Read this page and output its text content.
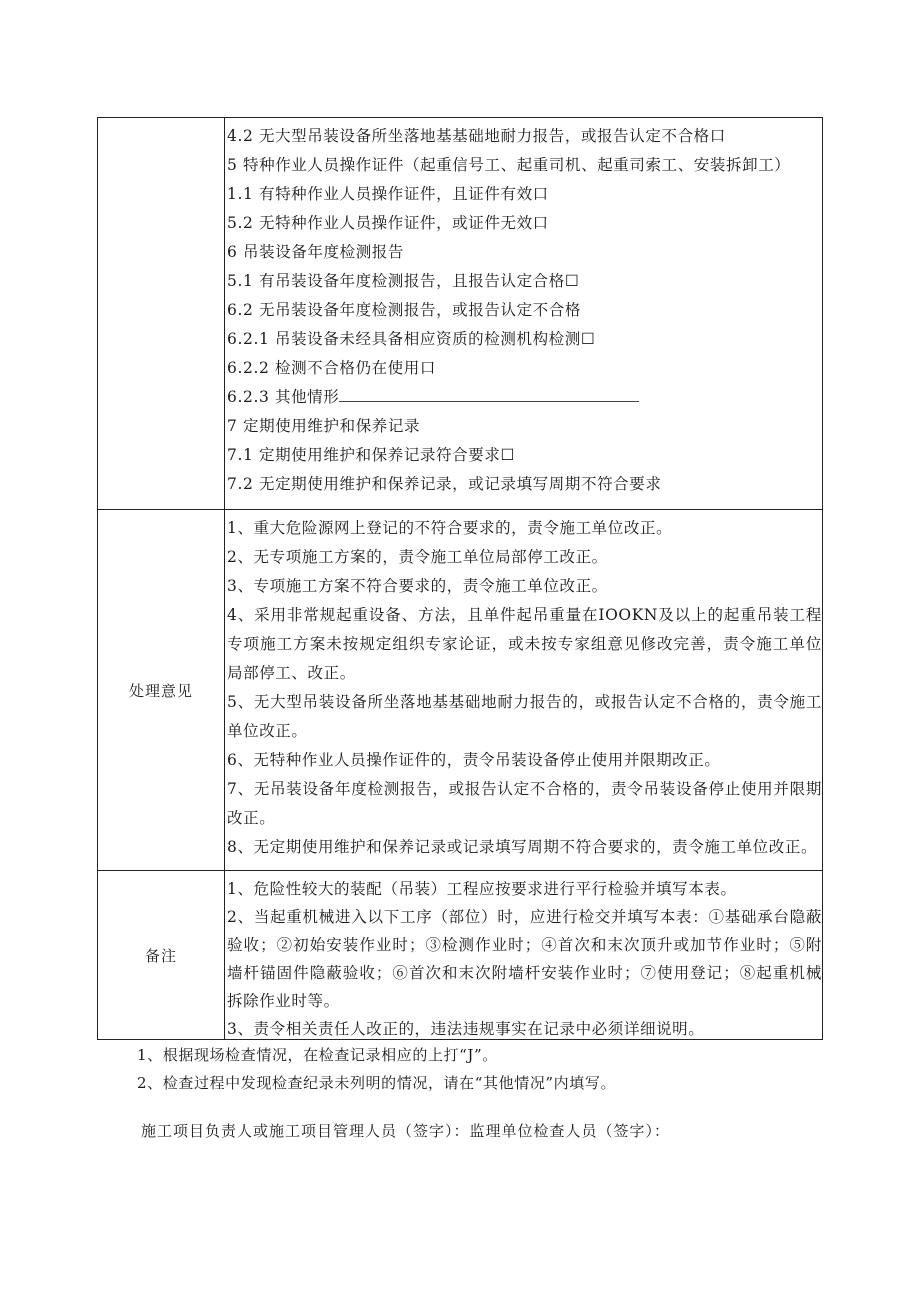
4.2 无大型吊装设备所坐落地基基础地耐力报告，或报告认定不合格口
5 特种作业人员操作证件（起重信号工、起重司机、起重司索工、安装拆卸工）
1.1 有特种作业人员操作证件，且证件有效口
5.2 无特种作业人员操作证件，或证件无效口
6 吊装设备年度检测报告
5.1 有吊装设备年度检测报告，且报告认定合格☐
6.2 无吊装设备年度检测报告，或报告认定不合格
6.2.1 吊装设备未经具备相应资质的检测机构检测☐
6.2.2 检测不合格仍在使用口
6.2.3 其他情形
7 定期使用维护和保养记录
7.1 定期使用维护和保养记录符合要求☐
7.2 无定期使用维护和保养记录，或记录填写周期不符合要求
处理意见
1、重大危险源网上登记的不符合要求的，责令施工单位改正。
2、无专项施工方案的，责令施工单位局部停工改正。
3、专项施工方案不符合要求的，责令施工单位改正。
4、采用非常规起重设备、方法，且单件起吊重量在IOOKN及以上的起重吊装工程专项施工方案未按规定组织专家论证，或未按专家组意见修改完善，责令施工单位局部停工、改正。
5、无大型吊装设备所坐落地基基础地耐力报告的，或报告认定不合格的，责令施工单位改正。
6、无特种作业人员操作证件的，责令吊装设备停止使用并限期改正。
7、无吊装设备年度检测报告，或报告认定不合格的，责令吊装设备停止使用并限期改正。
8、无定期使用维护和保养记录或记录填写周期不符合要求的，责令施工单位改正。
备注
1、危险性较大的装配（吊装）工程应按要求进行平行检验并填写本表。
2、当起重机械进入以下工序（部位）时，应进行检交并填写本表：①基础承台隐蔽验收；②初始安装作业时；③检测作业时；④首次和末次顶升或加节作业时；⑤附墙杆锚固件隐蔽验收；⑥首次和末次附墙杆安装作业时；⑦使用登记；⑧起重机械拆除作业时等。
3、责令相关责任人改正的，违法违规事实在记录中必须详细说明。
1、根据现场检查情况，在检查记录相应的上打“J”。
2、检查过程中发现检查纪录未列明的情况，请在“其他情况”内填写。
施工项目负责人或施工项目管理人员（签字）：监理单位检查人员（签字）：
